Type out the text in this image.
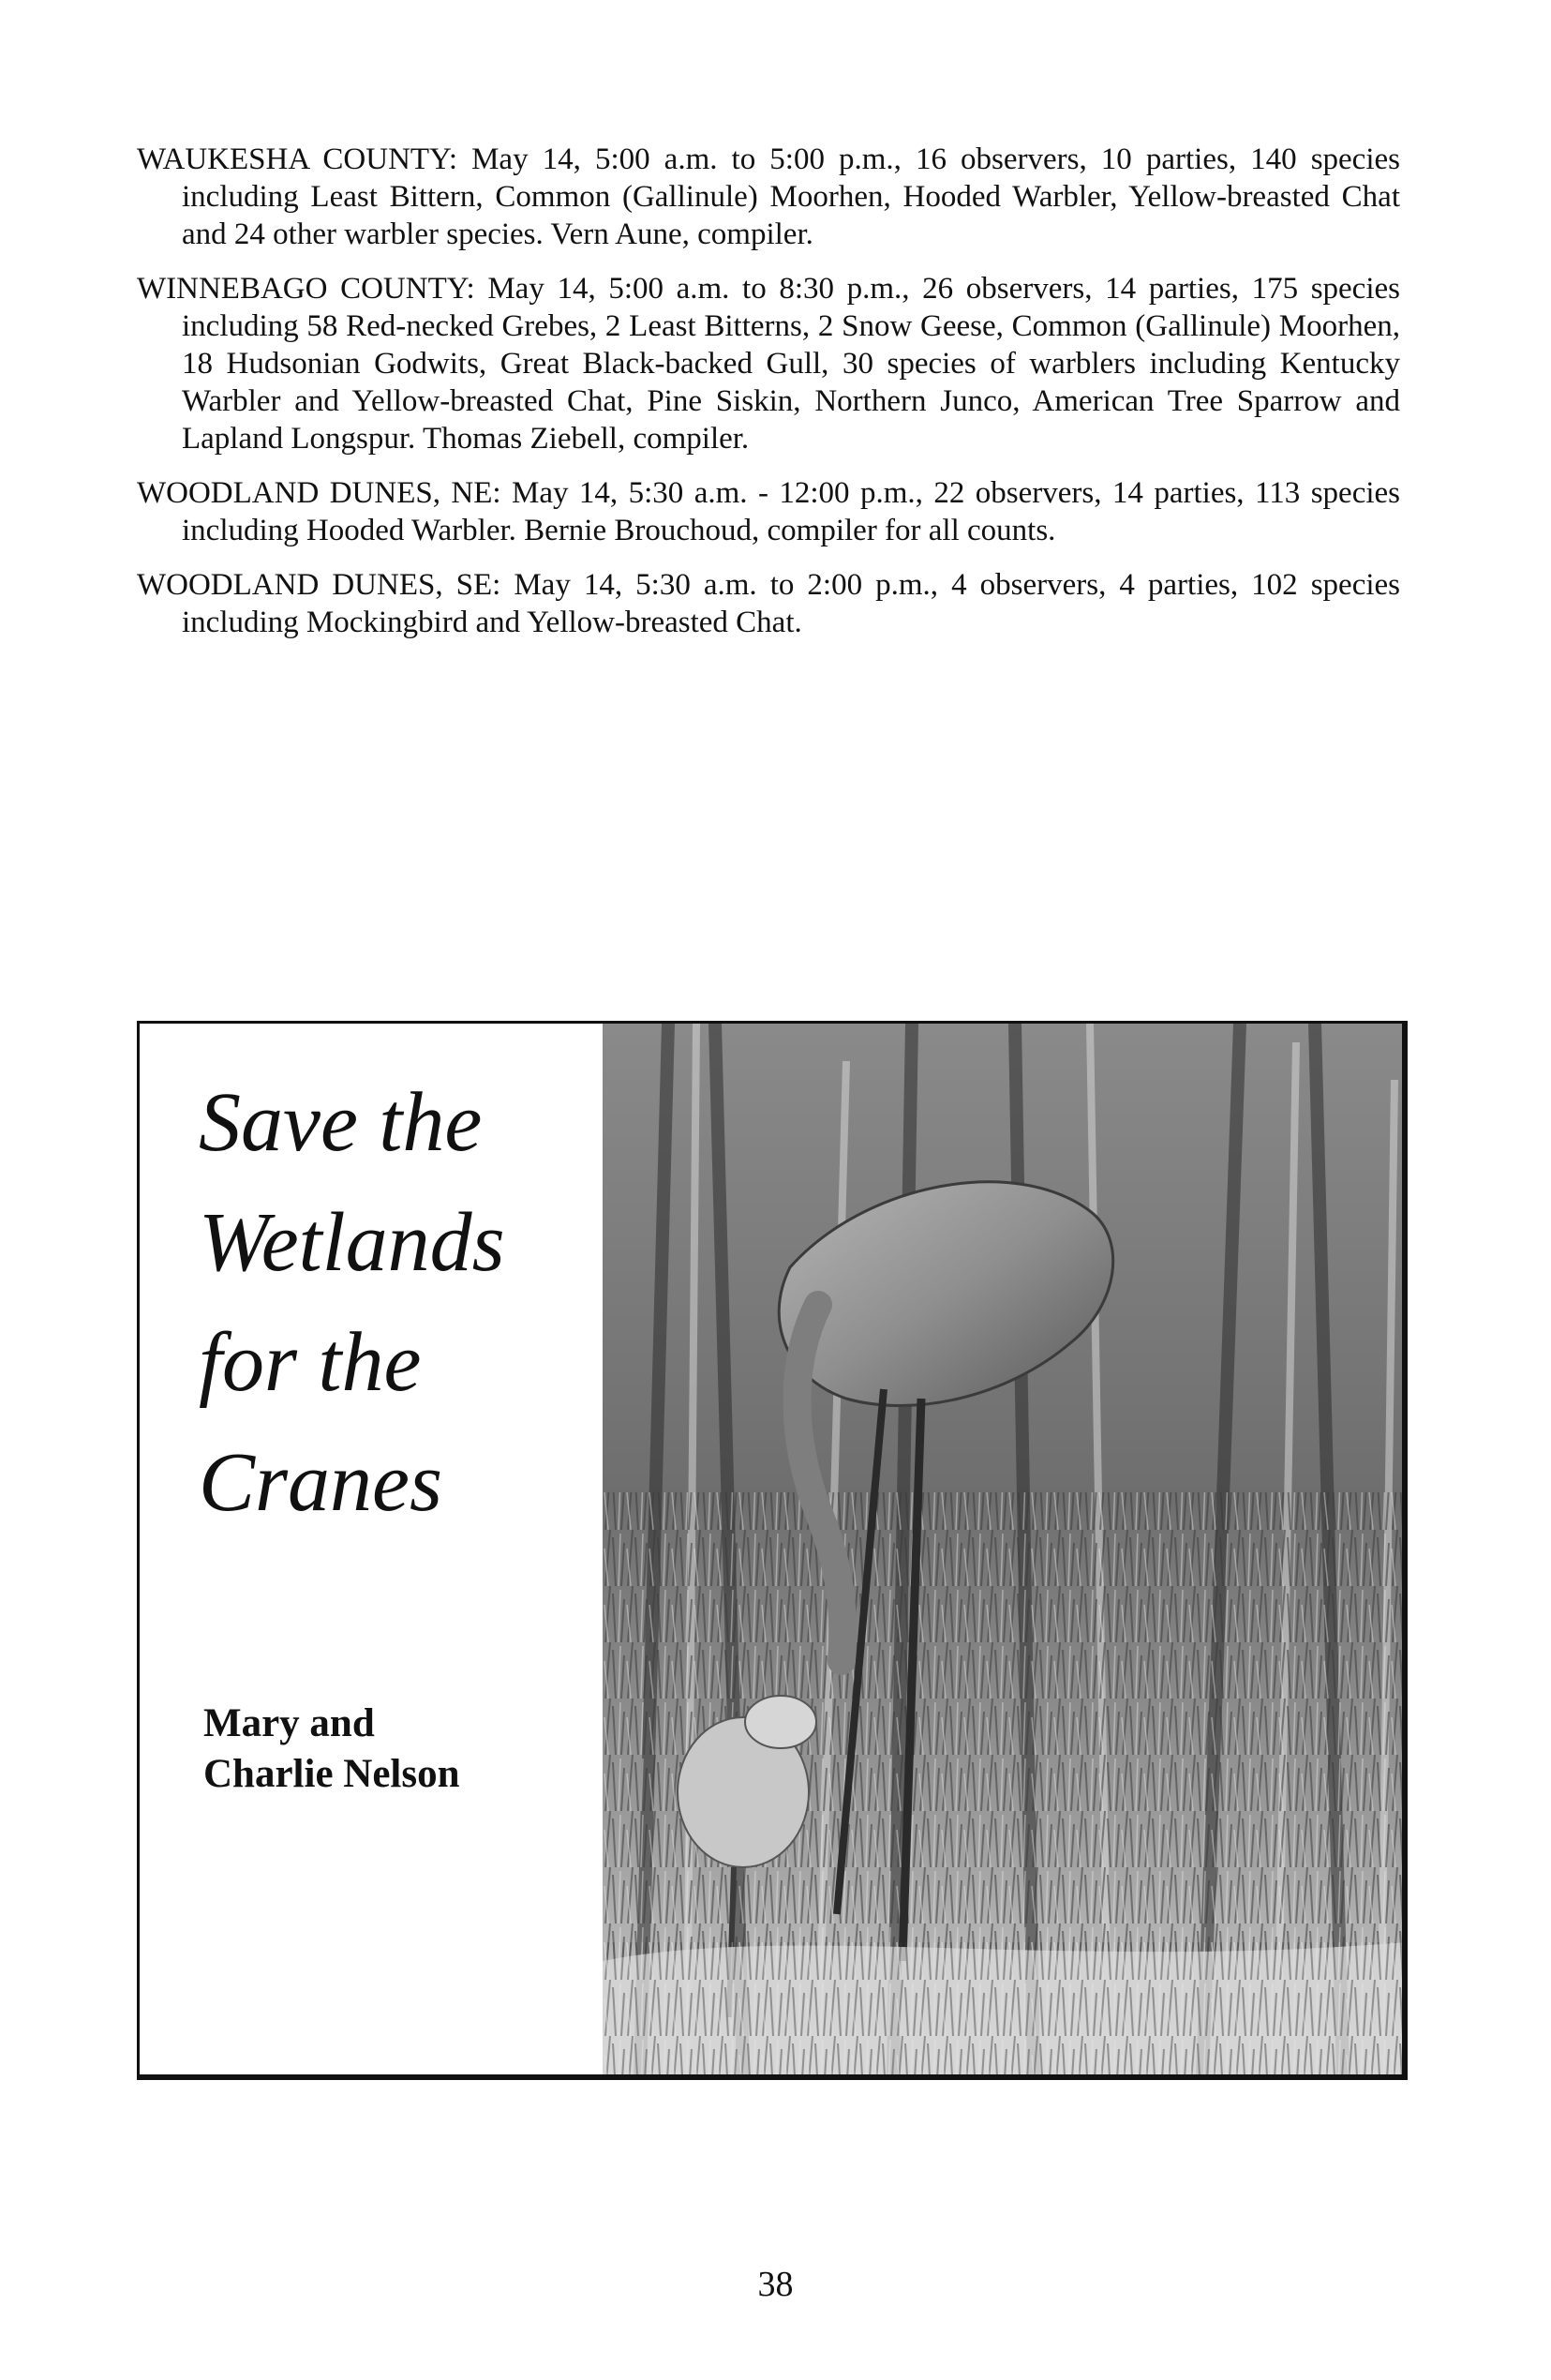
WAUKESHA COUNTY: May 14, 5:00 a.m. to 5:00 p.m., 16 observers, 10 parties, 140 species including Least Bittern, Common (Gallinule) Moorhen, Hooded Warbler, Yellow-breasted Chat and 24 other warbler species. Vern Aune, compiler.

WINNEBAGO COUNTY: May 14, 5:00 a.m. to 8:30 p.m., 26 observers, 14 parties, 175 species including 58 Red-necked Grebes, 2 Least Bitterns, 2 Snow Geese, Common (Gallinule) Moorhen, 18 Hudsonian Godwits, Great Black-backed Gull, 30 species of warblers including Kentucky Warbler and Yellow-breasted Chat, Pine Siskin, Northern Junco, American Tree Sparrow and Lapland Longspur. Thomas Ziebell, compiler.

WOODLAND DUNES, NE: May 14, 5:30 a.m. - 12:00 p.m., 22 observers, 14 parties, 113 species including Hooded Warbler. Bernie Brouchoud, compiler for all counts.

WOODLAND DUNES, SE: May 14, 5:30 a.m. to 2:00 p.m., 4 observers, 4 parties, 102 species including Mockingbird and Yellow-breasted Chat.

Save the
Wetlands
for the
Cranes

Mary and
Charlie Nelson

38
